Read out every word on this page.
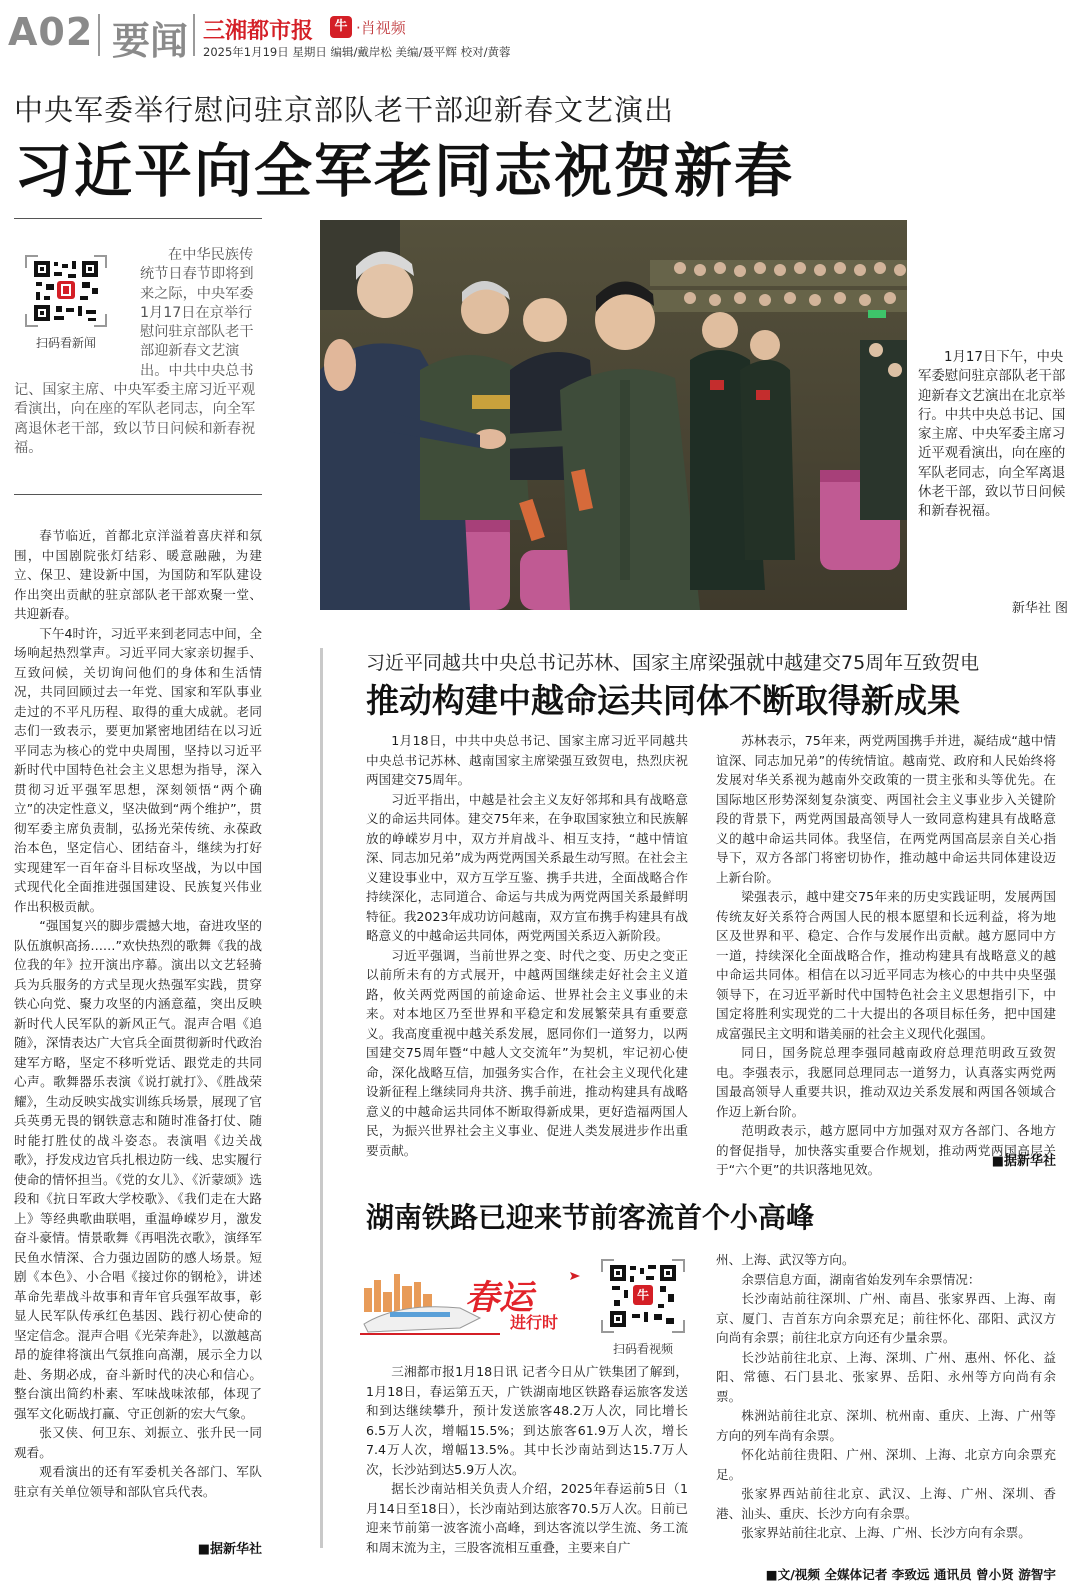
A02 要闻 三湘都市报	牛 ·肖视频
2025年1月19日 星期日 编辑/戴岸松 美编/聂平辉 校对/黄蓉
中央军委举行慰问驻京部队老干部迎新春文艺演出
习近平向全军老同志祝贺新春
扫码看新闻
在中华民族传统节日春节即将到来之际，中央军委1月17日在京举行慰问驻京部队老干部迎新春文艺演出。中共中央总书记、国家主席、中央军委主席习近平观看演出，向在座的军队老同志，向全军离退休老干部，致以节日问候和新春祝福。
1月17日下午，中央军委慰问驻京部队老干部迎新春文艺演出在北京举行。中共中央总书记、国家主席、中央军委主席习近平观看演出，向在座的军队老同志，向全军离退休老干部，致以节日问候和新春祝福。
新华社 图

春节临近，首都北京洋溢着喜庆祥和氛围，中国剧院张灯结彩、暖意融融，为建立、保卫、建设新中国，为国防和军队建设作出突出贡献的驻京部队老干部欢聚一堂、共迎新春。

下午4时许，习近平来到老同志中间，全场响起热烈掌声。习近平同大家亲切握手、互致问候，关切询问他们的身体和生活情况，共同回顾过去一年党、国家和军队事业走过的不平凡历程、取得的重大成就。老同志们一致表示，要更加紧密地团结在以习近平同志为核心的党中央周围，坚持以习近平新时代中国特色社会主义思想为指导，深入贯彻习近平强军思想，深刻领悟“两个确立”的决定性意义，坚决做到“两个维护”，贯彻军委主席负责制，弘扬光荣传统、永葆政治本色，坚定信心、团结奋斗，继续为打好实现建军一百年奋斗目标攻坚战，为以中国式现代化全面推进强国建设、民族复兴伟业作出积极贡献。

“强国复兴的脚步震撼大地，奋进攻坚的队伍旗帜高扬……”欢快热烈的歌舞《我的战位我的年》拉开演出序幕。演出以文艺轻骑兵为兵服务的方式呈现火热强军实践，贯穿铁心向党、聚力攻坚的内涵意蕴，突出反映新时代人民军队的新风正气。混声合唱《追随》，深情表达广大官兵全面贯彻新时代政治建军方略，坚定不移听党话、跟党走的共同心声。歌舞器乐表演《说打就打》、《胜战荣耀》，生动反映实战实训练兵场景，展现了官兵英勇无畏的钢铁意志和随时准备打仗、随时能打胜仗的战斗姿态。表演唱《边关战歌》，抒发戍边官兵扎根边防一线、忠实履行使命的情怀担当。《党的女儿》、《沂蒙颂》选段和《抗日军政大学校歌》、《我们走在大路上》等经典歌曲联唱，重温峥嵘岁月，激发奋斗豪情。情景歌舞《再唱洗衣歌》，演绎军民鱼水情深、合力强边固防的感人场景。短剧《本色》、小合唱《接过你的钢枪》，讲述革命先辈战斗故事和青年官兵强军故事，彰显人民军队传承红色基因、践行初心使命的坚定信念。混声合唱《光荣奔赴》，以激越高昂的旋律将演出气氛推向高潮，展示全力以赴、务期必成，奋斗新时代的决心和信心。整台演出简约朴素、军味战味浓郁，体现了强军文化砺战打赢、守正创新的宏大气象。

张又侠、何卫东、刘振立、张升民一同观看。

观看演出的还有军委机关各部门、军队驻京有关单位领导和部队官兵代表。

■据新华社
习近平同越共中央总书记苏林、国家主席梁强就中越建交75周年互致贺电
推动构建中越命运共同体不断取得新成果

1月18日，中共中央总书记、国家主席习近平同越共中央总书记苏林、越南国家主席梁强互致贺电，热烈庆祝两国建交75周年。

习近平指出，中越是社会主义友好邻邦和具有战略意义的命运共同体。建交75年来，在争取国家独立和民族解放的峥嵘岁月中，双方并肩战斗、相互支持，“越中情谊深、同志加兄弟”成为两党两国关系最生动写照。在社会主义建设事业中，双方互学互鉴、携手共进，全面战略合作持续深化，志同道合、命运与共成为两党两国关系最鲜明特征。我2023年成功访问越南，双方宣布携手构建具有战略意义的中越命运共同体，两党两国关系迈入新阶段。

习近平强调，当前世界之变、时代之变、历史之变正以前所未有的方式展开，中越两国继续走好社会主义道路，攸关两党两国的前途命运、世界社会主义事业的未来。对本地区乃至世界和平稳定和发展繁荣具有重要意义。我高度重视中越关系发展，愿同你们一道努力，以两国建交75周年暨“中越人文交流年”为契机，牢记初心使命，深化战略互信，加强务实合作，在社会主义现代化建设新征程上继续同舟共济、携手前进，推动构建具有战略意义的中越命运共同体不断取得新成果，更好造福两国人民，为振兴世界社会主义事业、促进人类发展进步作出重要贡献。

苏林表示，75年来，两党两国携手并进，凝结成“越中情谊深、同志加兄弟”的传统情谊。越南党、政府和人民始终将发展对华关系视为越南外交政策的一贯主张和头等优先。在国际地区形势深刻复杂演变、两国社会主义事业步入关键阶段的背景下，两党两国最高领导人一致同意构建具有战略意义的越中命运共同体。我坚信，在两党两国高层亲自关心指导下，双方各部门将密切协作，推动越中命运共同体建设迈上新台阶。

梁强表示，越中建交75年来的历史实践证明，发展两国传统友好关系符合两国人民的根本愿望和长远利益，将为地区及世界和平、稳定、合作与发展作出贡献。越方愿同中方一道，持续深化全面战略合作，推动构建具有战略意义的越中命运共同体。相信在以习近平同志为核心的中共中央坚强领导下，在习近平新时代中国特色社会主义思想指引下，中国定将胜利实现党的二十大提出的各项目标任务，把中国建成富强民主文明和谐美丽的社会主义现代化强国。

同日，国务院总理李强同越南政府总理范明政互致贺电。李强表示，我愿同总理同志一道努力，认真落实两党两国最高领导人重要共识，推动双边关系发展和两国各领域合作迈上新台阶。

范明政表示，越方愿同中方加强对双方各部门、各地方的督促指导，加快落实重要合作规划，推动两党两国高层关于“六个更”的共识落地见效。

■据新华社
湖南铁路已迎来节前客流首个小高峰
春运
进行时
牛
扫码看视频

三湘都市报1月18日讯 记者今日从广铁集团了解到，1月18日，春运第五天，广铁湖南地区铁路春运旅客发送和到达继续攀升，预计发送旅客48.2万人次，同比增长6.5万人次，增幅15.5%；到达旅客61.9万人次，增长7.4万人次，增幅13.5%。其中长沙南站到达15.7万人次，长沙站到达5.9万人次。

据长沙南站相关负责人介绍，2025年春运前5日（1月14日至18日），长沙南站到达旅客70.5万人次。日前已迎来节前第一波客流小高峰，到达客流以学生流、务工流和周末流为主，三股客流相互重叠，主要来自广

州、上海、武汉等方向。

余票信息方面，湖南省始发列车余票情况：

长沙南站前往深圳、广州、南昌、张家界西、上海、南京、厦门、吉首东方向余票充足；前往怀化、邵阳、武汉方向尚有余票；前往北京方向还有少量余票。

长沙站前往北京、上海、深圳、广州、惠州、怀化、益阳、常德、石门县北、张家界、岳阳、永州等方向尚有余票。

株洲站前往北京、深圳、杭州南、重庆、上海、广州等方向的列车尚有余票。

怀化站前往贵阳、广州、深圳、上海、北京方向余票充足。

张家界西站前往北京、武汉、上海、广州、深圳、香港、汕头、重庆、长沙方向有余票。

张家界站前往北京、上海、广州、长沙方向有余票。

■文/视频 全媒体记者 李致远 通讯员 曾小贤 游智宇
